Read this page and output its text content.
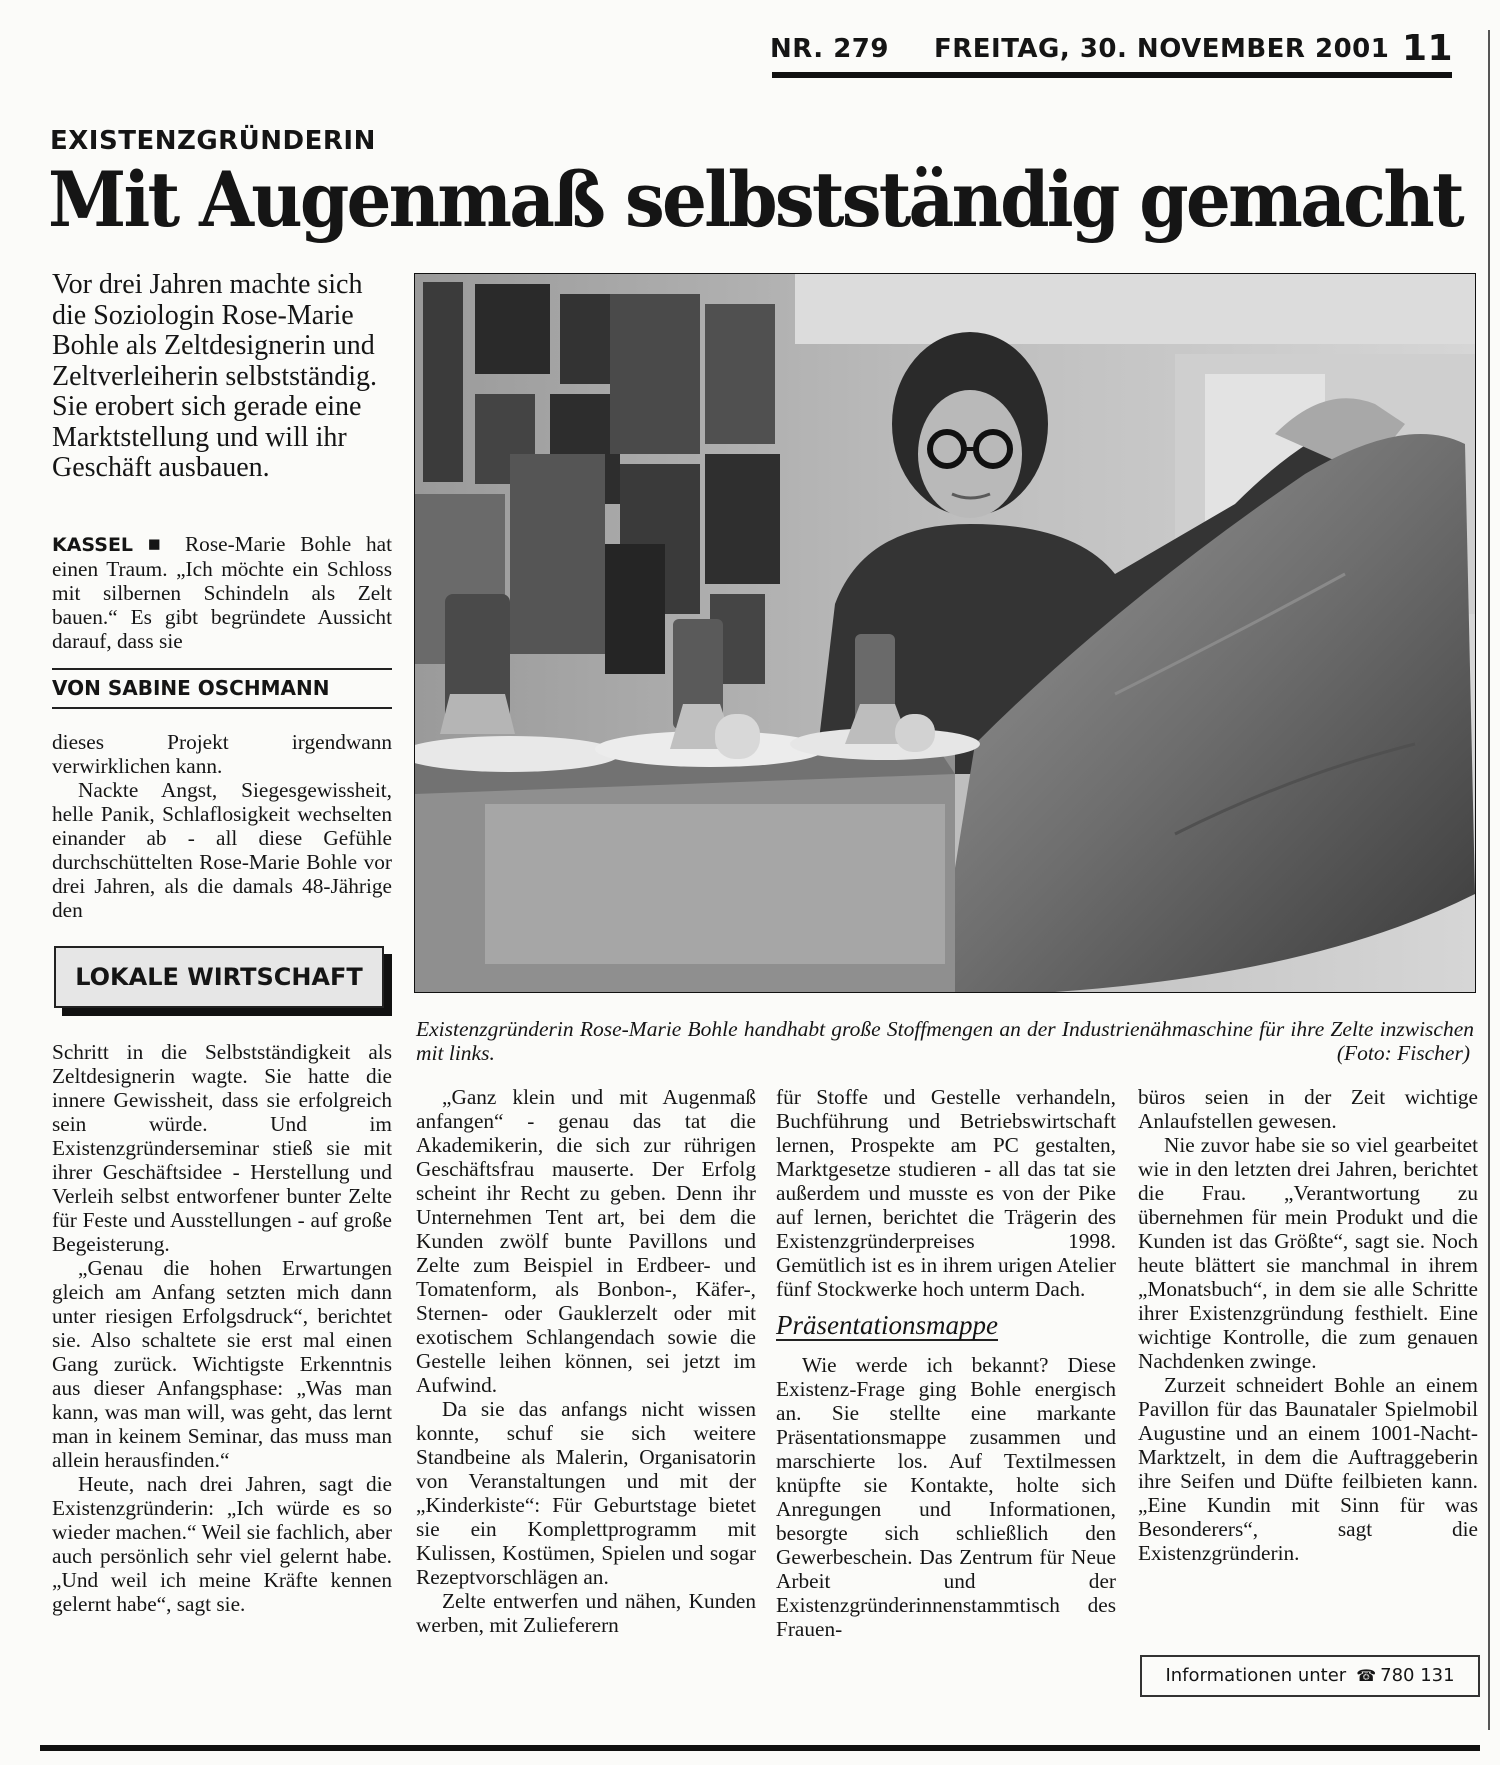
NR. 279 FREITAG, 30. NOVEMBER 2001 11
EXISTENZGRÜNDERIN
Mit Augenmaß selbstständig gemacht
Vor drei Jahren machte sich die Soziologin Rose-Marie Bohle als Zeltdesignerin und Zeltverleiherin selbstständig. Sie erobert sich gerade eine Marktstellung und will ihr Geschäft ausbauen.

KASSEL ■ Rose-Marie Bohle hat einen Traum. „Ich möchte ein Schloss mit silbernen Schindeln als Zelt bauen.“ Es gibt begründete Aussicht darauf, dass sie

VON SABINE OSCHMANN

dieses Projekt irgendwann verwirklichen kann.

Nackte Angst, Siegesgewissheit, helle Panik, Schlaflosigkeit wechselten einander ab - all diese Gefühle durchschüttelten Rose-Marie Bohle vor drei Jahren, als die damals 48-Jährige den

LOKALE WIRTSCHAFT

Schritt in die Selbstständigkeit als Zeltdesignerin wagte. Sie hatte die innere Gewissheit, dass sie erfolgreich sein würde. Und im Existenzgründerseminar stieß sie mit ihrer Geschäftsidee - Herstellung und Verleih selbst entworfener bunter Zelte für Feste und Ausstellungen - auf große Begeisterung.

„Genau die hohen Erwartungen gleich am Anfang setzten mich dann unter riesigen Erfolgsdruck“, berichtet sie. Also schaltete sie erst mal einen Gang zurück. Wichtigste Erkenntnis aus dieser Anfangsphase: „Was man kann, was man will, was geht, das lernt man in keinem Seminar, das muss man allein herausfinden.“

Heute, nach drei Jahren, sagt die Existenzgründerin: „Ich würde es so wieder machen.“ Weil sie fachlich, aber auch persönlich sehr viel gelernt habe. „Und weil ich meine Kräfte kennen gelernt habe“, sagt sie.

Existenzgründerin Rose-Marie Bohle handhabt große Stoffmengen an der Industrienähmaschine für ihre Zelte inzwischen mit links.	(Foto: Fischer)

„Ganz klein und mit Augenmaß anfangen“ - genau das tat die Akademikerin, die sich zur rührigen Geschäftsfrau mauserte. Der Erfolg scheint ihr Recht zu geben. Denn ihr Unternehmen Tent art, bei dem die Kunden zwölf bunte Pavillons und Zelte zum Beispiel in Erdbeer- und Tomatenform, als Bonbon-, Käfer-, Sternen- oder Gauklerzelt oder mit exotischem Schlangendach sowie die Gestelle leihen können, sei jetzt im Aufwind.

Da sie das anfangs nicht wissen konnte, schuf sie sich weitere Standbeine als Malerin, Organisatorin von Veranstaltungen und mit der „Kinderkiste“: Für Geburtstage bietet sie ein Komplettprogramm mit Kulissen, Kostümen, Spielen und sogar Rezeptvorschlägen an.

Zelte entwerfen und nähen, Kunden werben, mit Zulieferern

für Stoffe und Gestelle verhandeln, Buchführung und Betriebswirtschaft lernen, Prospekte am PC gestalten, Marktgesetze studieren - all das tat sie außerdem und musste es von der Pike auf lernen, berichtet die Trägerin des Existenzgründerpreises 1998. Gemütlich ist es in ihrem urigen Atelier fünf Stockwerke hoch unterm Dach.

Präsentationsmappe

Wie werde ich bekannt? Diese Existenz-Frage ging Bohle energisch an. Sie stellte eine markante Präsentationsmappe zusammen und marschierte los. Auf Textilmessen knüpfte sie Kontakte, holte sich Anregungen und Informationen, besorgte sich schließlich den Gewerbeschein. Das Zentrum für Neue Arbeit und der Existenzgründerinnenstammtisch des Frauen-

büros seien in der Zeit wichtige Anlaufstellen gewesen.

Nie zuvor habe sie so viel gearbeitet wie in den letzten drei Jahren, berichtet die Frau. „Verantwortung zu übernehmen für mein Produkt und die Kunden ist das Größte“, sagt sie. Noch heute blättert sie manchmal in ihrem „Monatsbuch“, in dem sie alle Schritte ihrer Existenzgründung festhielt. Eine wichtige Kontrolle, die zum genauen Nachdenken zwinge.

Zurzeit schneidert Bohle an einem Pavillon für das Baunataler Spielmobil Augustine und an einem 1001-Nacht-Marktzelt, in dem die Auftraggeberin ihre Seifen und Düfte feilbieten kann. „Eine Kundin mit Sinn für was Besonderers“, sagt die Existenzgründerin.

Informationen unter ☎ 780 131
